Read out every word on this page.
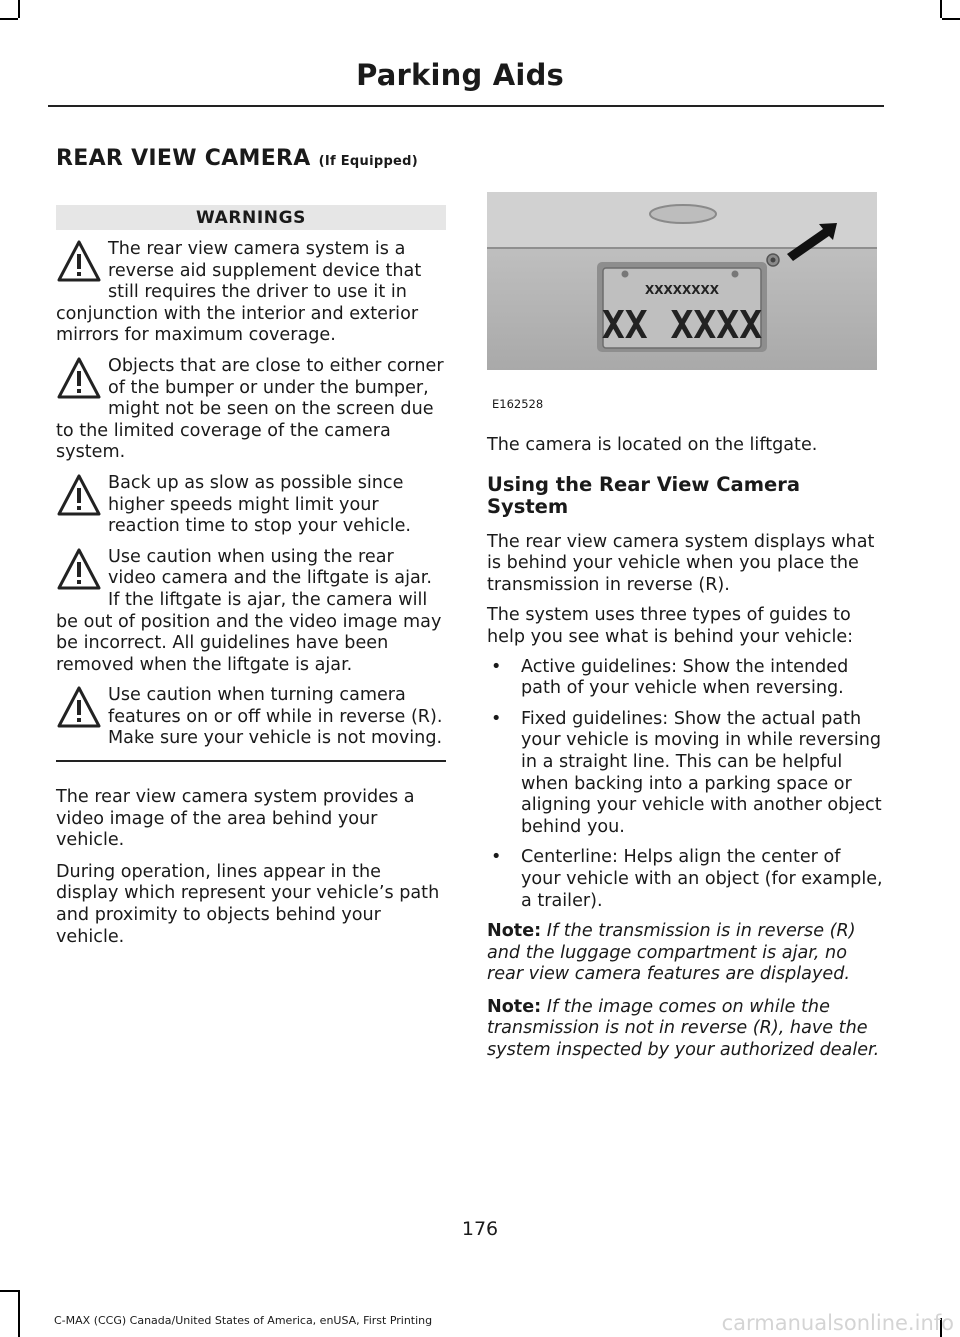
Parking Aids
REAR VIEW CAMERA (If Equipped)
WARNINGS
The rear view camera system is a reverse aid supplement device that still requires the driver to use it in conjunction with the interior and exterior mirrors for maximum coverage.
Objects that are close to either corner of the bumper or under the bumper, might not be seen on the screen due to the limited coverage of the camera system.
Back up as slow as possible since higher speeds might limit your reaction time to stop your vehicle.
Use caution when using the rear video camera and the liftgate is ajar. If the liftgate is ajar, the camera will be out of position and the video image may be incorrect. All guidelines have been removed when the liftgate is ajar.
Use caution when turning camera features on or off while in reverse (R). Make sure your vehicle is not moving.

The rear view camera system provides a video image of the area behind your vehicle.

During operation, lines appear in the display which represent your vehicle’s path and proximity to objects behind your vehicle.

XXXXXXXX
XX XXXX
E162528

The camera is located on the liftgate.

Using the Rear View Camera System

The rear view camera system displays what is behind your vehicle when you place the transmission in reverse (R).

The system uses three types of guides to help you see what is behind your vehicle:

• Active guidelines: Show the intended path of your vehicle when reversing.
• Fixed guidelines: Show the actual path your vehicle is moving in while reversing in a straight line. This can be helpful when backing into a parking space or aligning your vehicle with another object behind you.
• Centerline: Helps align the center of your vehicle with an object (for example, a trailer).

Note: If the transmission is in reverse (R) and the luggage compartment is ajar, no rear view camera features are displayed.

Note: If the image comes on while the transmission is not in reverse (R), have the system inspected by your authorized dealer.

176
C-MAX (CCG) Canada/United States of America, enUSA, First Printing	carmanualsonline.info
